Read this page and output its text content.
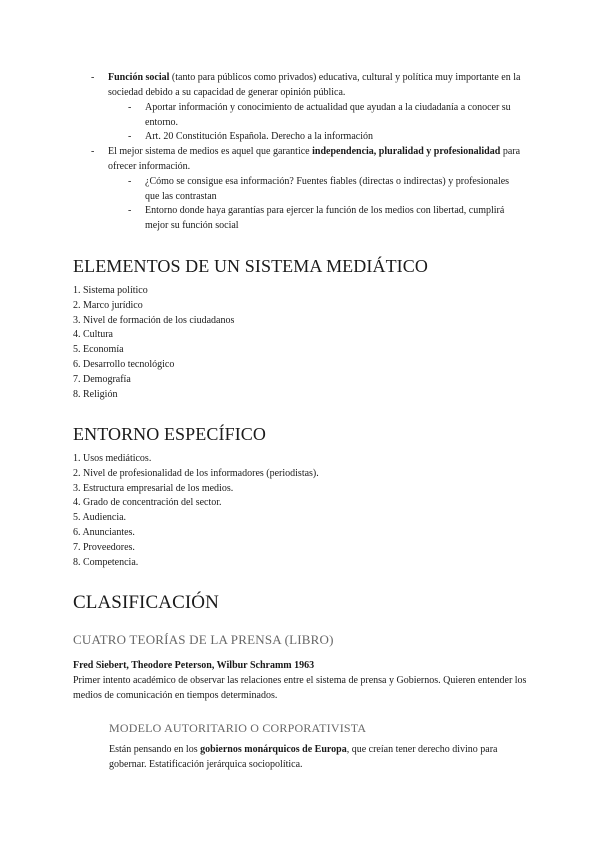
- Función social (tanto para públicos como privados) educativa, cultural y política muy importante en la sociedad debido a su capacidad de generar opinión pública.
- Aportar información y conocimiento de actualidad que ayudan a la ciudadanía a conocer su entorno.
- Art. 20 Constitución Española. Derecho a la información
- El mejor sistema de medios es aquel que garantice independencia, pluralidad y profesionalidad para ofrecer información.
- ¿Cómo se consigue esa información? Fuentes fiables (directas o indirectas) y profesionales que las contrastan
- Entorno donde haya garantías para ejercer la función de los medios con libertad, cumplirá mejor su función social
ELEMENTOS DE UN SISTEMA MEDIÁTICO
1. Sistema político
2. Marco jurídico
3. Nivel de formación de los ciudadanos
4. Cultura
5. Economía
6. Desarrollo tecnológico
7. Demografía
8. Religión
ENTORNO ESPECÍFICO
1. Usos mediáticos.
2. Nivel de profesionalidad de los informadores (periodistas).
3. Estructura empresarial de los medios.
4. Grado de concentración del sector.
5. Audiencia.
6. Anunciantes.
7. Proveedores.
8. Competencia.
CLASIFICACIÓN
CUATRO TEORÍAS DE LA PRENSA (LIBRO)
Fred Siebert, Theodore Peterson, Wilbur Schramm 1963
Primer intento académico de observar las relaciones entre el sistema de prensa y Gobiernos. Quieren entender los medios de comunicación en tiempos determinados.
MODELO AUTORITARIO O CORPORATIVISTA
Están pensando en los gobiernos monárquicos de Europa, que creían tener derecho divino para gobernar. Estatificación jerárquica sociopolítica.
